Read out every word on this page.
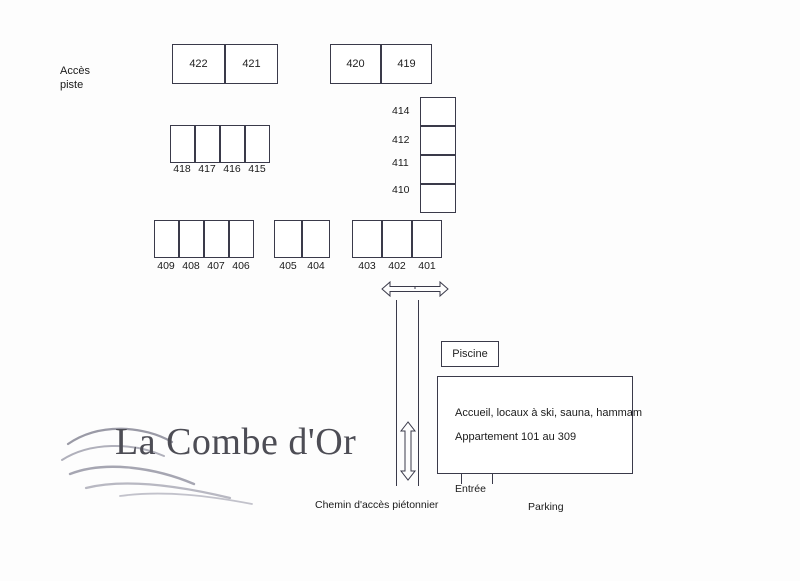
Accès
piste
422	421	420	419
418 417 416 415
414
412
411
410
409 408 407 406	405 404	403 402 401
Piscine
Accueil, locaux à ski, sauna, hammam
Appartement 101 au 309
Entrée
Parking
Chemin d'accès piétonnier
La Combe d'Or
